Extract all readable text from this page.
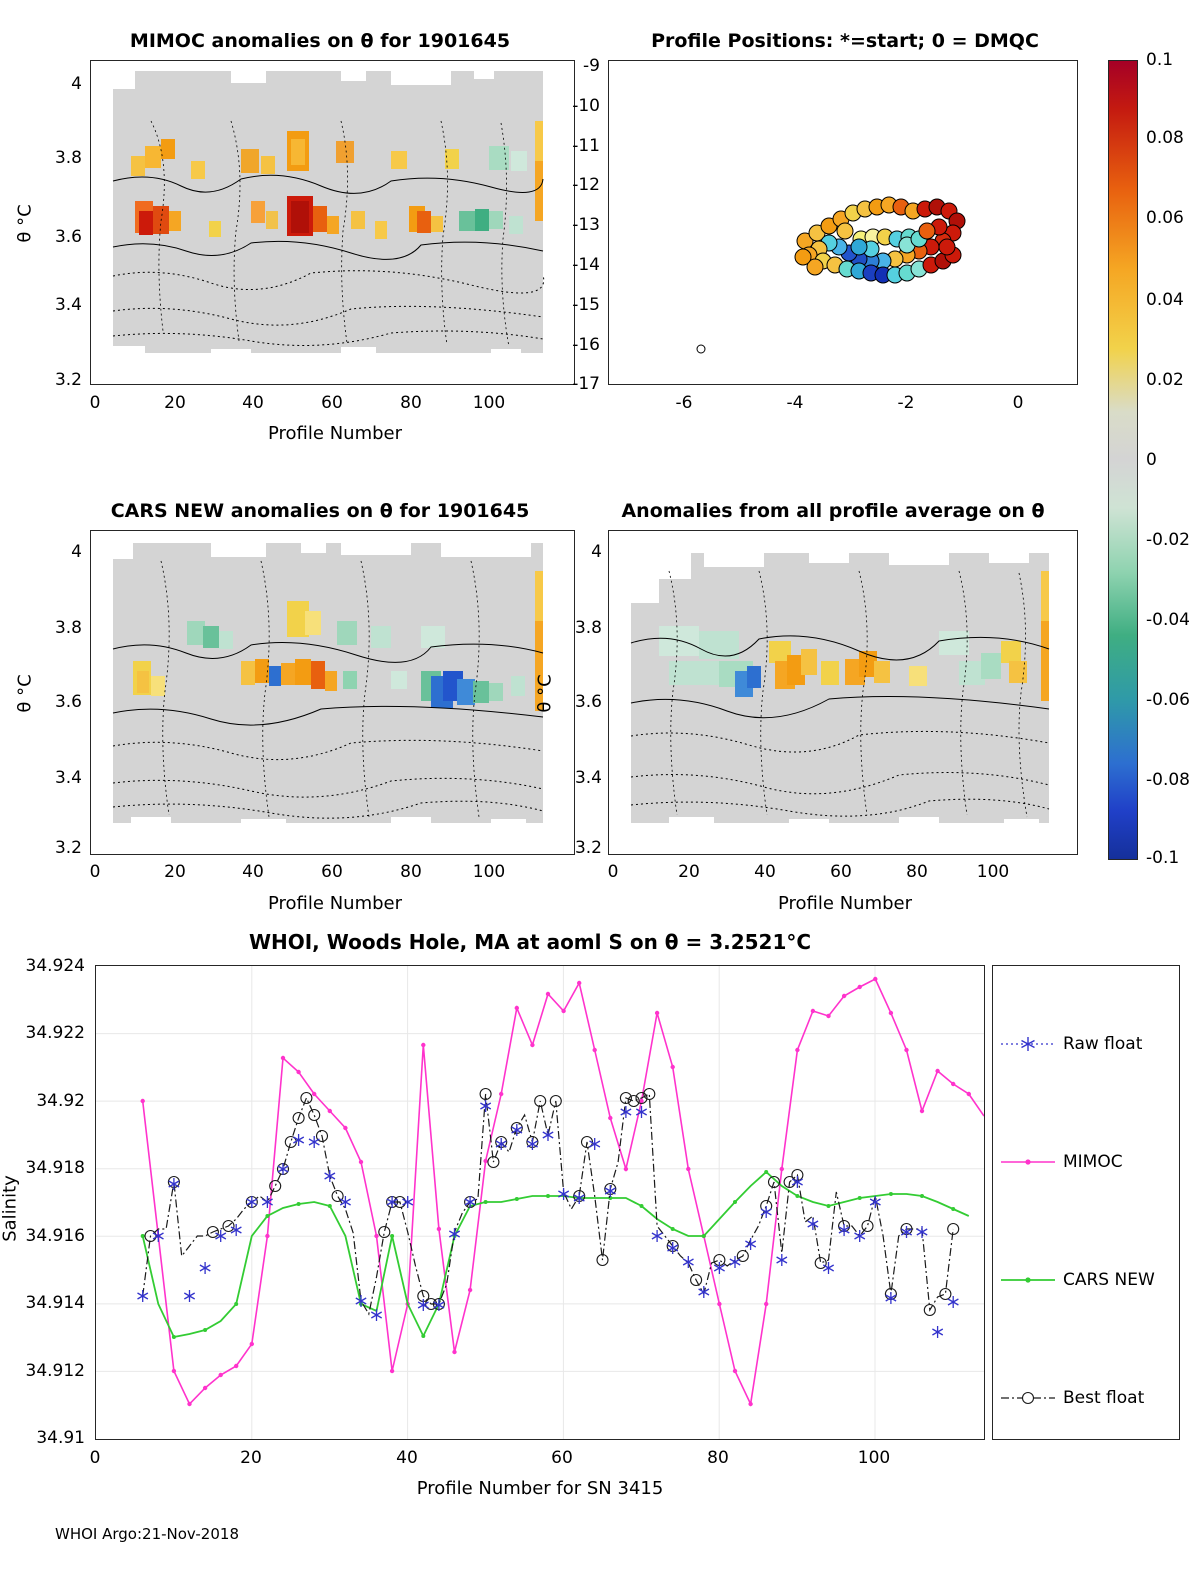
MIMOC anomalies on θ for 1901645
3.2
3.4
3.6
3.8
4
0	20	40	60	80	100
Profile Number
θ °C
Profile Positions: *=start; 0 = DMQC
-17
-16
-15
-14
-13
-12
-11
-10
-9
-6	-4	-2	0
0.1
0.08
0.06
0.04
0.02
0
-0.02
-0.04
-0.06
-0.08
-0.1
CARS NEW anomalies on θ for 1901645
3.2
3.4
3.6
3.8
4
0	20	40	60	80	100
Profile Number
θ °C
Anomalies from all profile average on θ
3.2
3.4
3.6
3.8
4
0	20	40	60	80	100
Profile Number
θ °C
WHOI, Woods Hole, MA at aoml S on θ = 3.2521°C
34.91
34.912
34.914
34.916
34.918
34.92
34.922
34.924
0	20	40	60	80	100
Profile Number for SN 3415
Salinity
Raw float
MIMOC
CARS NEW
Best float
WHOI Argo:21-Nov-2018
